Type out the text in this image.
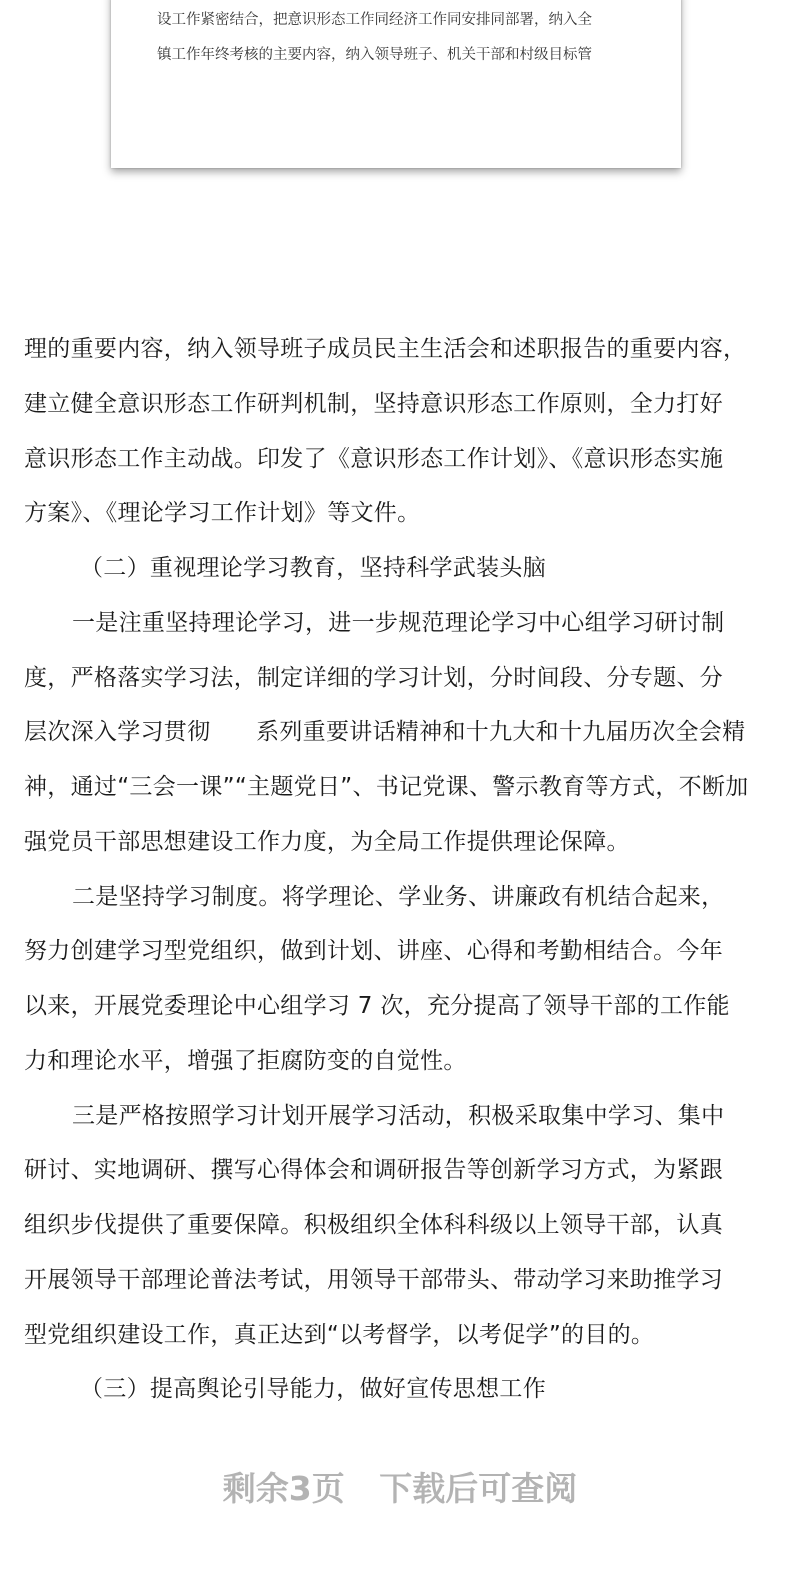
设工作紧密结合，把意识形态工作同经济工作同安排同部署，纳入全
镇工作年终考核的主要内容，纳入领导班子、机关干部和村级目标管
理的重要内容，纳入领导班子成员民主生活会和述职报告的重要内容，
建立健全意识形态工作研判机制，坚持意识形态工作原则，全力打好
意识形态工作主动战。印发了《意识形态工作计划》、《意识形态实施
方案》、《理论学习工作计划》等文件。
（二）重视理论学习教育，坚持科学武装头脑
一是注重坚持理论学习，进一步规范理论学习中心组学习研讨制
度，严格落实学习法，制定详细的学习计划，分时间段、分专题、分
层次深入学习贯彻      系列重要讲话精神和十九大和十九届历次全会精
神，通过“三会一课”“主题党日”、书记党课、警示教育等方式，不断加
强党员干部思想建设工作力度，为全局工作提供理论保障。
二是坚持学习制度。将学理论、学业务、讲廉政有机结合起来，
努力创建学习型党组织，做到计划、讲座、心得和考勤相结合。今年
以来，开展党委理论中心组学习 7 次，充分提高了领导干部的工作能
力和理论水平，增强了拒腐防变的自觉性。
三是严格按照学习计划开展学习活动，积极采取集中学习、集中
研讨、实地调研、撰写心得体会和调研报告等创新学习方式，为紧跟
组织步伐提供了重要保障。积极组织全体科科级以上领导干部，认真
开展领导干部理论普法考试，用领导干部带头、带动学习来助推学习
型党组织建设工作，真正达到“以考督学，以考促学”的目的。
（三）提高舆论引导能力，做好宣传思想工作
剩余3页   下载后可查阅
